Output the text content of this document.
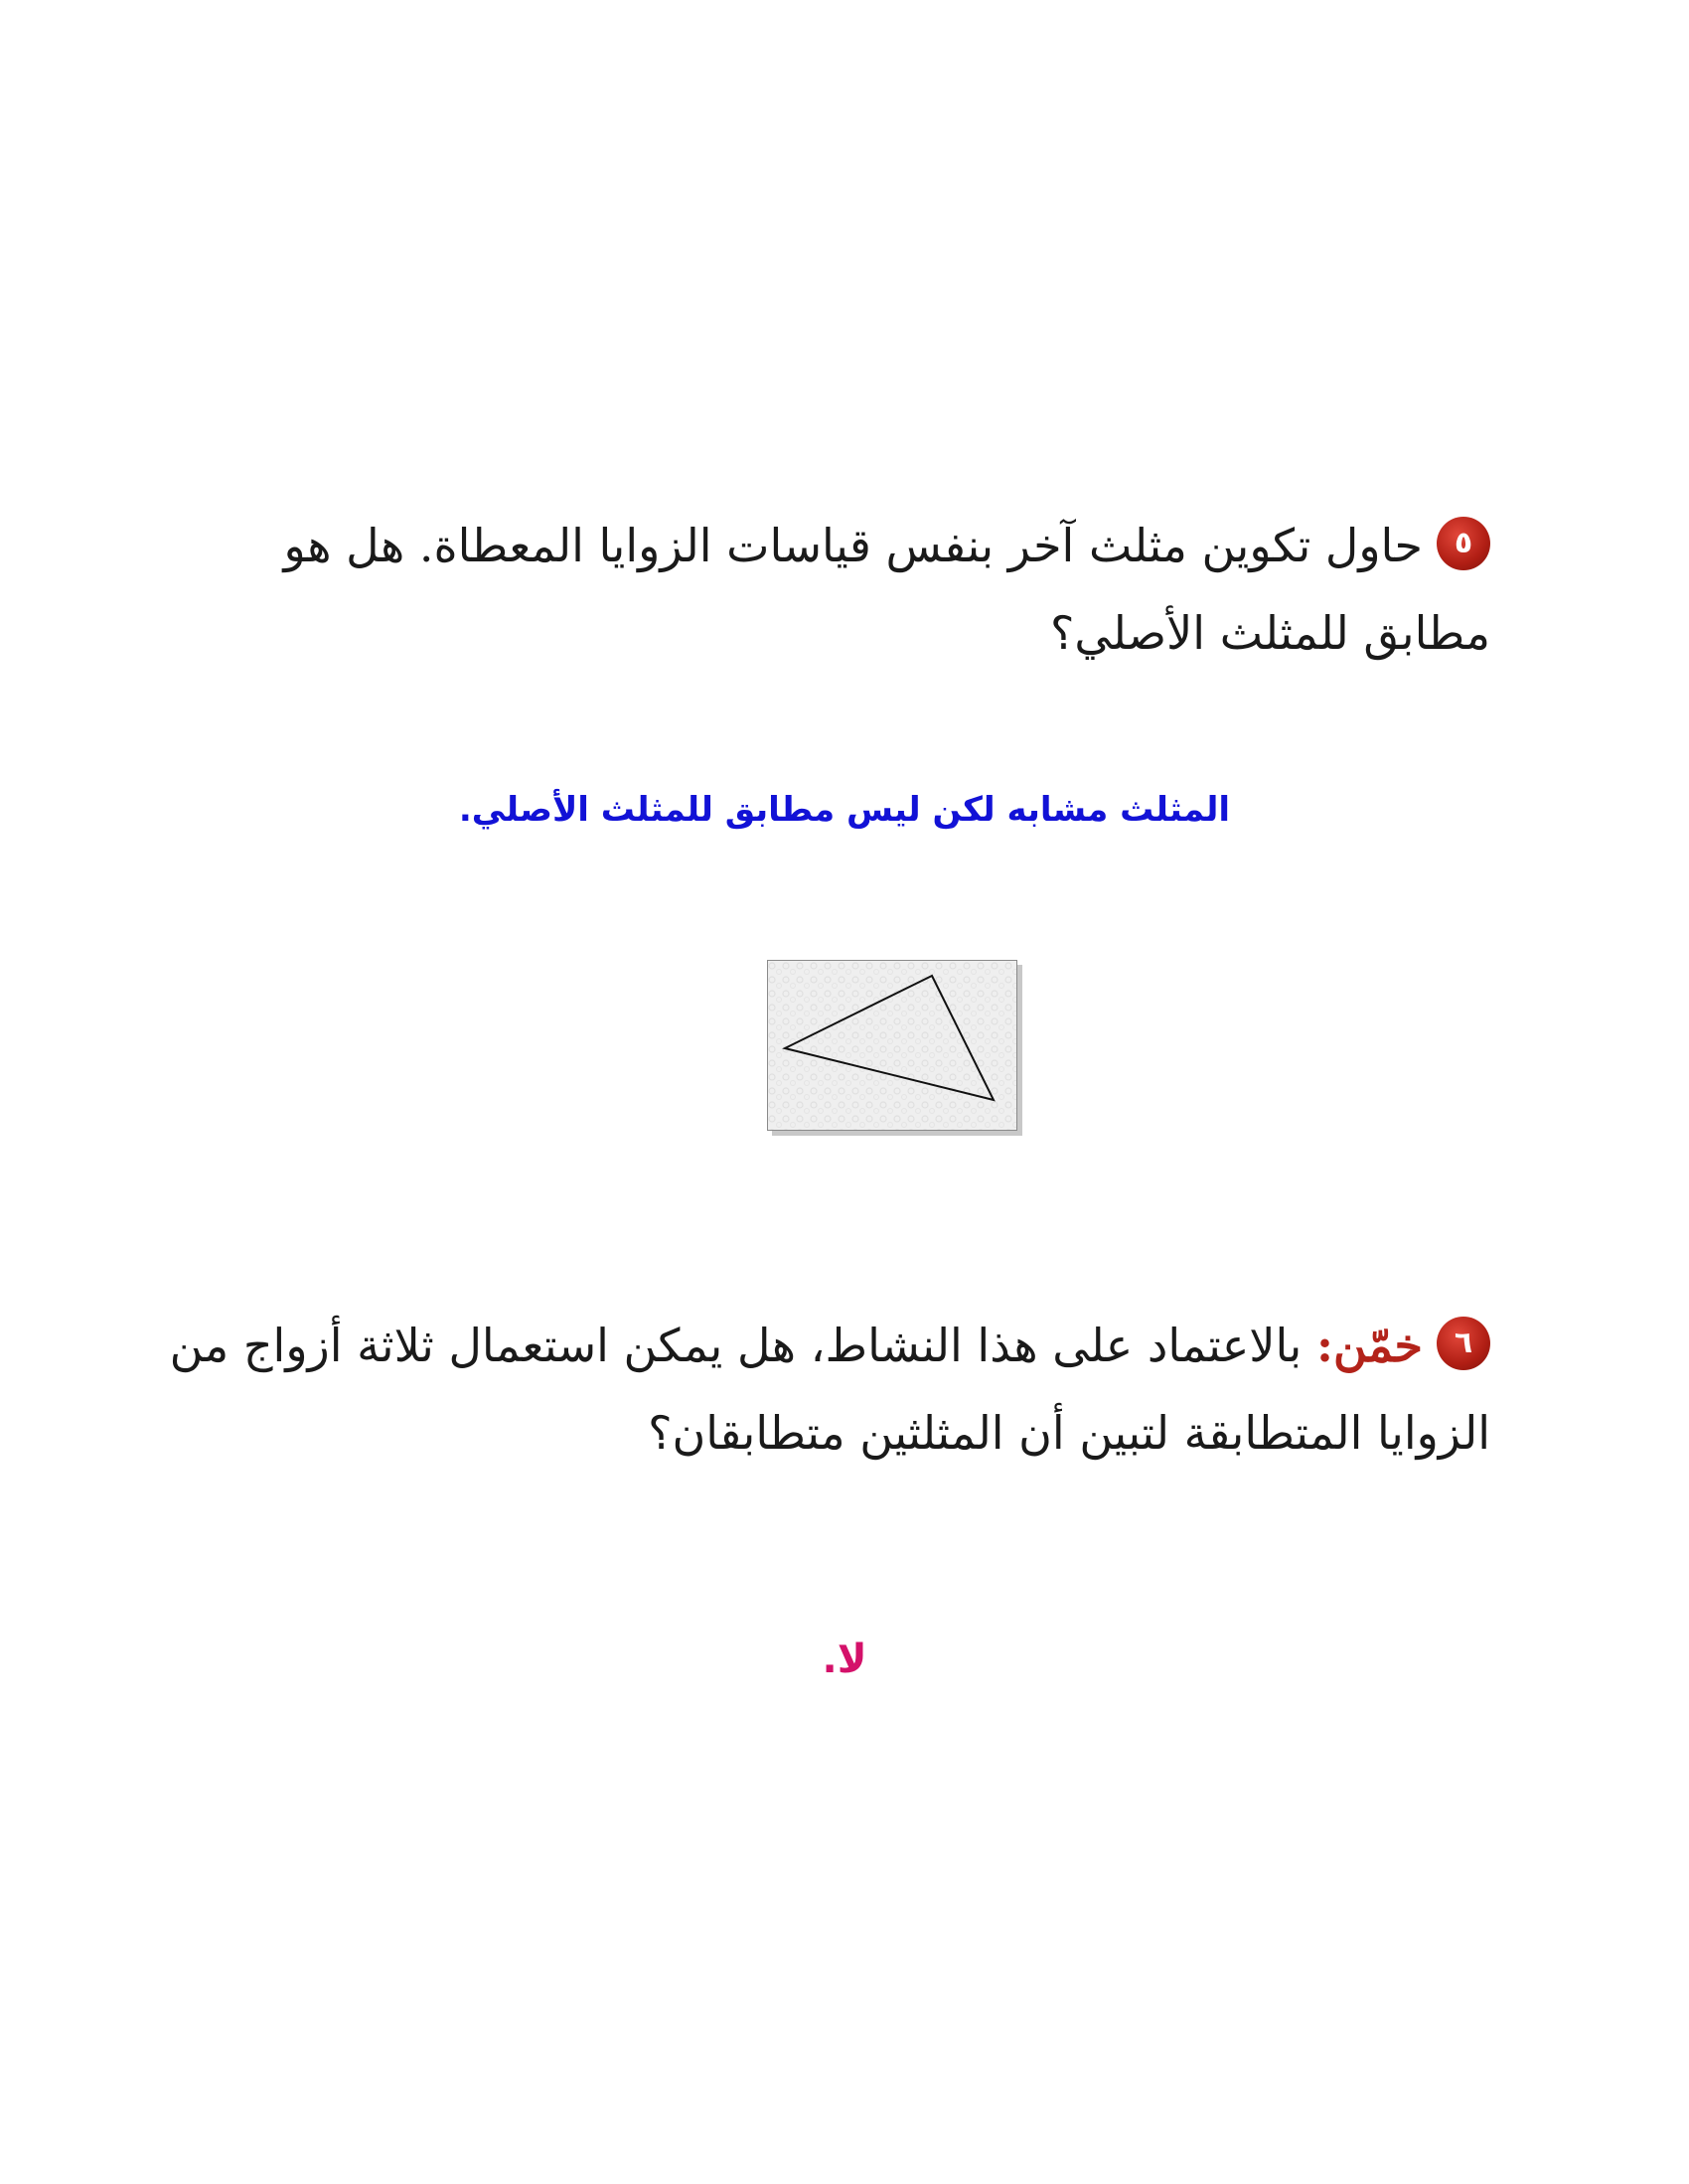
٥حاول تكوين مثلث آخر بنفس قياسات الزوايا المعطاة. هل هو مطابق للمثلث الأصلي؟
المثلث مشابه لكن ليس مطابق للمثلث الأصلي.
٦خمّن: بالاعتماد على هذا النشاط، هل يمكن استعمال ثلاثة أزواج من الزوايا المتطابقة لتبين أن المثلثين متطابقان؟
لا.
